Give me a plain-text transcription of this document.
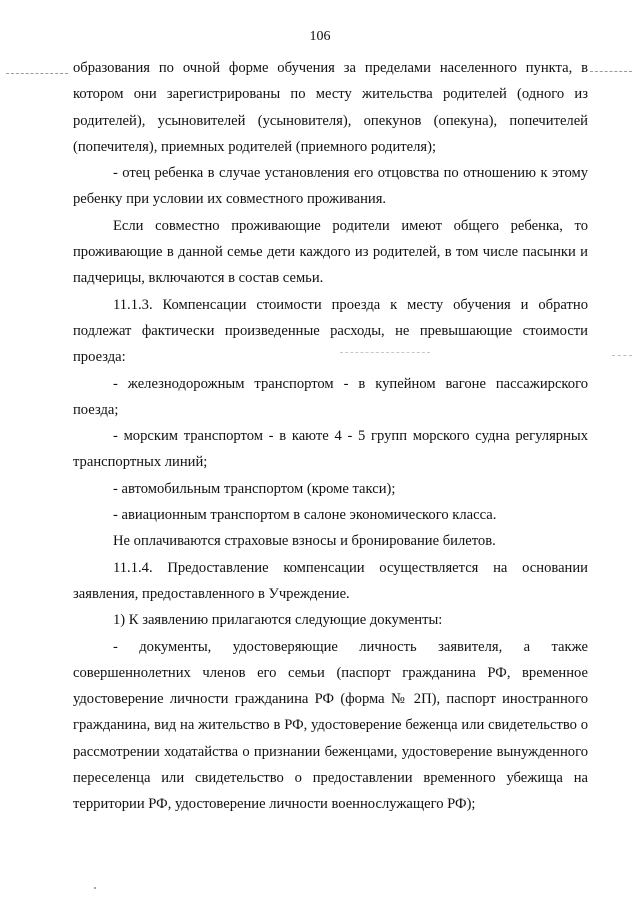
106

образования по очной форме обучения за пределами населенного пункта, в котором они зарегистрированы по месту жительства родителей (одного из родителей), усыновителей (усыновителя), опекунов (опекуна), попечителей (попечителя), приемных родителей (приемного родителя);

- отец ребенка в случае установления его отцовства по отношению к этому ребенку при условии их совместного проживания.

Если совместно проживающие родители имеют общего ребенка, то проживающие в данной семье дети каждого из родителей, в том числе пасынки и падчерицы, включаются в состав семьи.

11.1.3. Компенсации стоимости проезда к месту обучения и обратно подлежат фактически произведенные расходы, не превышающие стоимости проезда:

- железнодорожным транспортом - в купейном вагоне пассажирского поезда;

- морским транспортом - в каюте 4 - 5 групп морского судна регулярных транспортных линий;

- автомобильным транспортом (кроме такси);

- авиационным транспортом в салоне экономического класса.

Не оплачиваются страховые взносы и бронирование билетов.

11.1.4. Предоставление компенсации осуществляется на основании заявления, предоставленного в Учреждение.

1) К заявлению прилагаются следующие документы:

- документы, удостоверяющие личность заявителя, а также совершеннолетних членов его семьи (паспорт гражданина РФ, временное удостоверение личности гражданина РФ (форма № 2П), паспорт иностранного гражданина, вид на жительство в РФ, удостоверение беженца или свидетельство о рассмотрении ходатайства о признании беженцами, удостоверение вынужденного переселенца или свидетельство о предоставлении временного убежища на территории РФ, удостоверение личности военнослужащего РФ);
